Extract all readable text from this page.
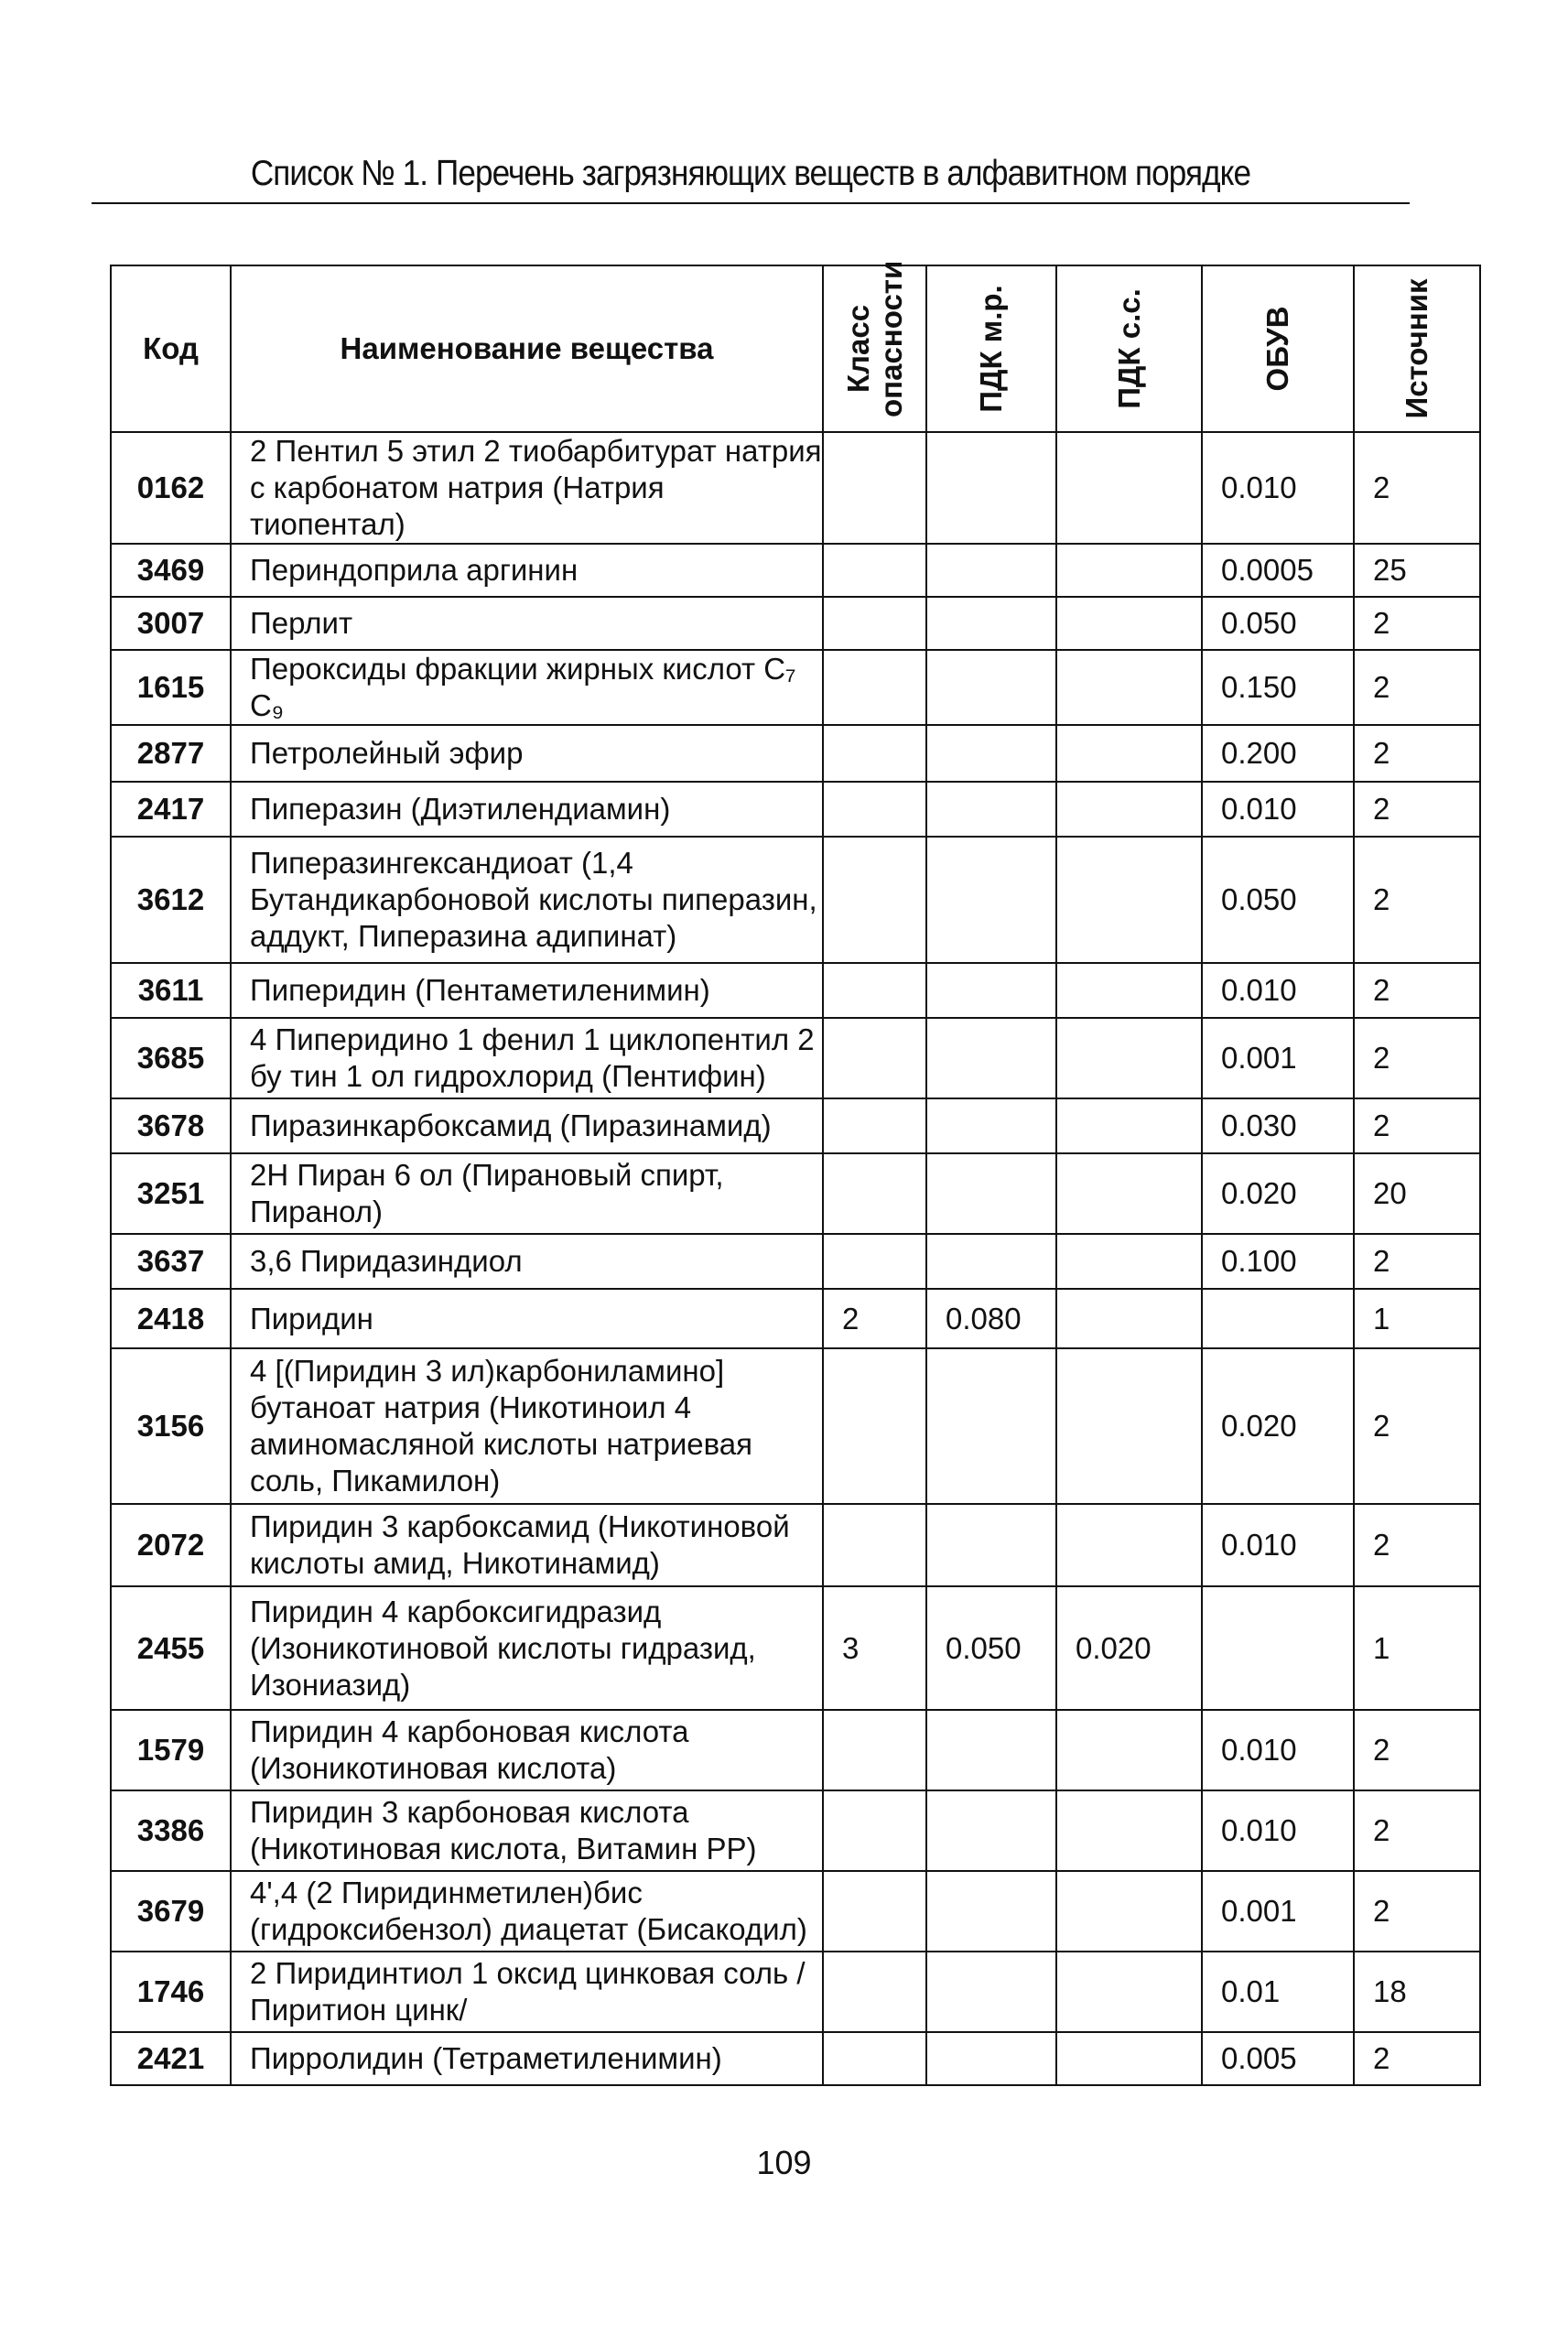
Список № 1. Перечень загрязняющих веществ в алфавитном порядке
Код	Наименование вещества	Класс опасности	ПДК м.р.	ПДК с.с.	ОБУВ	Источник

0162	2 Пентил 5 этил 2 тиобарбитурат натрия с карбонатом натрия (Натрия тиопентал)				0.010	2
3469	Периндоприла аргинин				0.0005	25
3007	Перлит				0.050	2
1615	Пероксиды фракции жирных кислот C₇ C₉				0.150	2
2877	Петролейный эфир				0.200	2
2417	Пиперазин (Диэтилендиамин)				0.010	2
3612	Пиперазингександиоат (1,4 Бутандикарбоновой кислоты пиперазин, аддукт, Пиперазина адипинат)				0.050	2
3611	Пиперидин (Пентаметиленимин)				0.010	2
3685	4 Пиперидино 1 фенил 1 циклопентил 2 бу тин 1 ол гидрохлорид (Пентифин)				0.001	2
3678	Пиразинкарбоксамид (Пиразинамид)				0.030	2
3251	2Н Пиран 6 ол (Пирановый спирт, Пиранол)				0.020	20
3637	3,6 Пиридазиндиол				0.100	2
2418	Пиридин	2	0.080			1
3156	4 [(Пиридин 3 ил)карбониламино] бутаноат натрия (Никотиноил 4 аминомасляной кислоты натриевая соль, Пикамилон)				0.020	2
2072	Пиридин 3 карбоксамид (Никотиновой кислоты амид, Никотинамид)				0.010	2
2455	Пиридин 4 карбоксигидразид (Изоникотиновой кислоты гидразид, Изониазид)	3	0.050	0.020		1
1579	Пиридин 4 карбоновая кислота (Изоникотиновая кислота)				0.010	2
3386	Пиридин 3 карбоновая кислота (Никотиновая кислота, Витамин РР)				0.010	2
3679	4',4 (2 Пиридинметилен)бис (гидроксибензол) диацетат (Бисакодил)				0.001	2
1746	2 Пиридинтиол 1 оксид цинковая соль /Пиритион цинк/				0.01	18
2421	Пирролидин (Тетраметиленимин)				0.005	2
109
